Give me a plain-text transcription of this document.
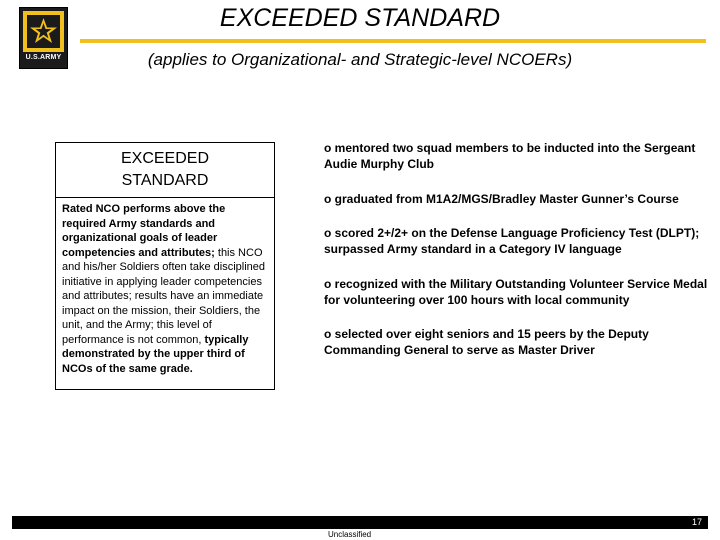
U.S.ARMY
EXCEEDED STANDARD
(applies to Organizational- and Strategic-level NCOERs)
EXCEEDED
STANDARD
Rated NCO performs above the required Army standards and organizational goals of leader competencies and attributes; this NCO and his/her Soldiers often take disciplined initiative in applying leader competencies and attributes; results have an immediate impact on the mission, their Soldiers, the unit, and the Army; this level of performance is not common, typically demonstrated by the upper third of NCOs of the same grade.
o mentored two squad members to be inducted into the Sergeant Audie Murphy Club
o graduated from M1A2/MGS/Bradley Master Gunner’s Course
o scored 2+/2+ on the Defense Language Proficiency Test (DLPT); surpassed Army standard in a Category IV language
o recognized with the Military Outstanding Volunteer Service Medal for volunteering over 100 hours with local community
o selected over eight seniors and 15 peers by the Deputy Commanding General to serve as Master Driver
17
Unclassified
